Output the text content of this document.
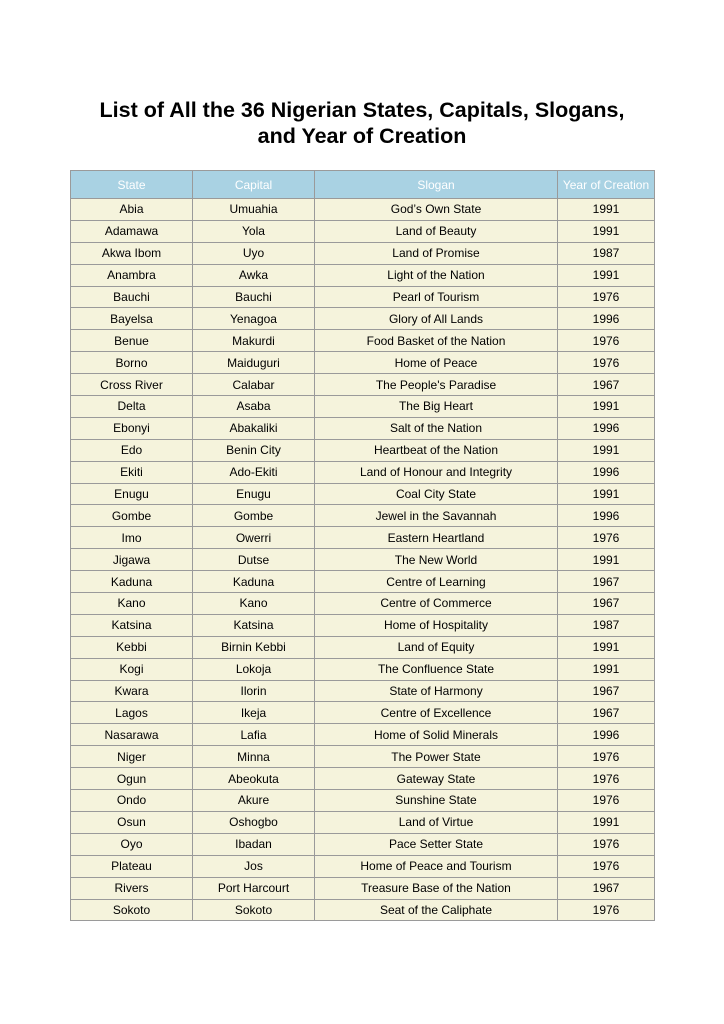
List of All the 36 Nigerian States, Capitals, Slogans,
and Year of Creation
State	Capital	Slogan	Year of Creation
Abia	Umuahia	God’s Own State	1991
Adamawa	Yola	Land of Beauty	1991
Akwa Ibom	Uyo	Land of Promise	1987
Anambra	Awka	Light of the Nation	1991
Bauchi	Bauchi	Pearl of Tourism	1976
Bayelsa	Yenagoa	Glory of All Lands	1996
Benue	Makurdi	Food Basket of the Nation	1976
Borno	Maiduguri	Home of Peace	1976
Cross River	Calabar	The People's Paradise	1967
Delta	Asaba	The Big Heart	1991
Ebonyi	Abakaliki	Salt of the Nation	1996
Edo	Benin City	Heartbeat of the Nation	1991
Ekiti	Ado-Ekiti	Land of Honour and Integrity	1996
Enugu	Enugu	Coal City State	1991
Gombe	Gombe	Jewel in the Savannah	1996
Imo	Owerri	Eastern Heartland	1976
Jigawa	Dutse	The New World	1991
Kaduna	Kaduna	Centre of Learning	1967
Kano	Kano	Centre of Commerce	1967
Katsina	Katsina	Home of Hospitality	1987
Kebbi	Birnin Kebbi	Land of Equity	1991
Kogi	Lokoja	The Confluence State	1991
Kwara	Ilorin	State of Harmony	1967
Lagos	Ikeja	Centre of Excellence	1967
Nasarawa	Lafia	Home of Solid Minerals	1996
Niger	Minna	The Power State	1976
Ogun	Abeokuta	Gateway State	1976
Ondo	Akure	Sunshine State	1976
Osun	Oshogbo	Land of Virtue	1991
Oyo	Ibadan	Pace Setter State	1976
Plateau	Jos	Home of Peace and Tourism	1976
Rivers	Port Harcourt	Treasure Base of the Nation	1967
Sokoto	Sokoto	Seat of the Caliphate	1976
